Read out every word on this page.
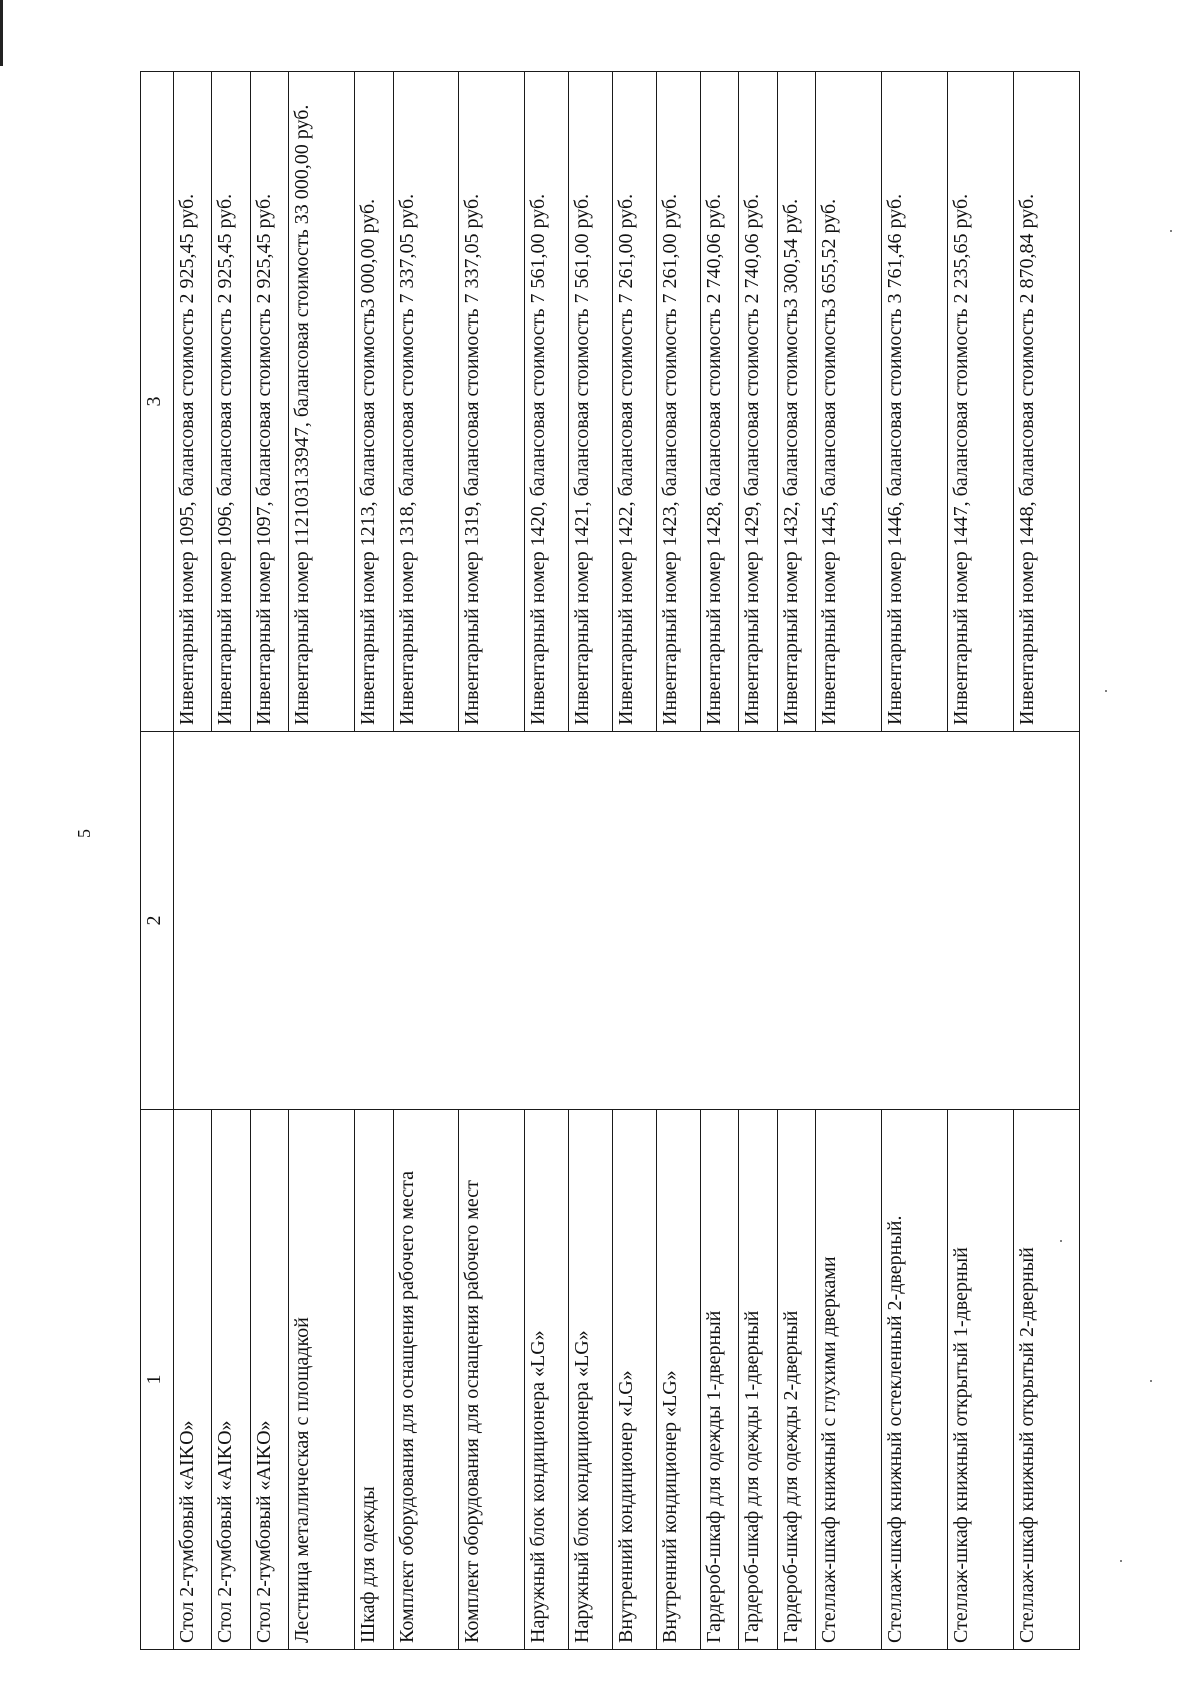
5
1	2	3
Стол 2-тумбовый «AIKO»		Инвентарный номер 1095, балансовая стоимость 2 925,45 руб.
Стол 2-тумбовый «AIKO»		Инвентарный номер 1096, балансовая стоимость 2 925,45 руб.
Стол 2-тумбовый «AIKO»		Инвентарный номер 1097, балансовая стоимость 2 925,45 руб.
Лестница металлическая с площадкой		Инвентарный номер 112103133947, балансовая стоимость 33 000,00 руб.
Шкаф для одежды		Инвентарный номер 1213, балансовая стоимость3 000,00 руб.
Комплект оборудования для оснащения рабочего места		Инвентарный номер 1318, балансовая стоимость 7 337,05 руб.
Комплект оборудования для оснащения рабочего мест		Инвентарный номер 1319, балансовая стоимость 7 337,05 руб.
Наружный блок кондиционера «LG»		Инвентарный номер 1420, балансовая стоимость 7 561,00 руб.
Наружный блок кондиционера «LG»		Инвентарный номер 1421, балансовая стоимость 7 561,00 руб.
Внутренний кондиционер «LG»		Инвентарный номер 1422, балансовая стоимость 7 261,00 руб.
Внутренний кондиционер «LG»		Инвентарный номер 1423, балансовая стоимость 7 261,00 руб.
Гардероб-шкаф для одежды 1-дверный		Инвентарный номер 1428, балансовая стоимость 2 740,06 руб.
Гардероб-шкаф для одежды 1-дверный		Инвентарный номер 1429, балансовая стоимость 2 740,06 руб.
Гардероб-шкаф для одежды 2-дверный		Инвентарный номер 1432, балансовая стоимость3 300,54 руб.
Стеллаж-шкаф книжный с глухими дверками		Инвентарный номер 1445, балансовая стоимость3 655,52 руб.
Стеллаж-шкаф книжный остекленный 2-дверный.		Инвентарный номер 1446, балансовая стоимость 3 761,46 руб.
Стеллаж-шкаф книжный открытый 1-дверный		Инвентарный номер 1447, балансовая стоимость 2 235,65 руб.
Стеллаж-шкаф книжный открытый 2-дверный		Инвентарный номер 1448, балансовая стоимость 2 870,84 руб.
